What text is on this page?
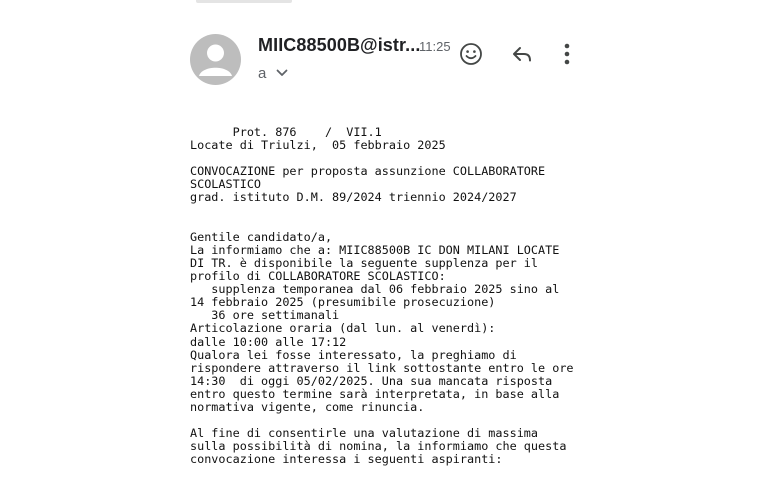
MIIC88500B@istr...
11:25
a
Prot. 876    /  VII.1
Locate di Triulzi,  05 febbraio 2025

CONVOCAZIONE per proposta assunzione COLLABORATORE
SCOLASTICO
grad. istituto D.M. 89/2024 triennio 2024/2027

Gentile candidato/a,
La informiamo che a: MIIC88500B IC DON MILANI LOCATE
DI TR. è disponibile la seguente supplenza per il
profilo di COLLABORATORE SCOLASTICO:
supplenza temporanea dal 06 febbraio 2025 sino al
14 febbraio 2025 (presumibile prosecuzione)
36 ore settimanali
Articolazione oraria (dal lun. al venerdì):
dalle 10:00 alle 17:12
Qualora lei fosse interessato, la preghiamo di
rispondere attraverso il link sottostante entro le ore
14:30  di oggi 05/02/2025. Una sua mancata risposta
entro questo termine sarà interpretata, in base alla
normativa vigente, come rinuncia.

Al fine di consentirle una valutazione di massima
sulla possibilità di nomina, la informiamo che questa
convocazione interessa i seguenti aspiranti:
